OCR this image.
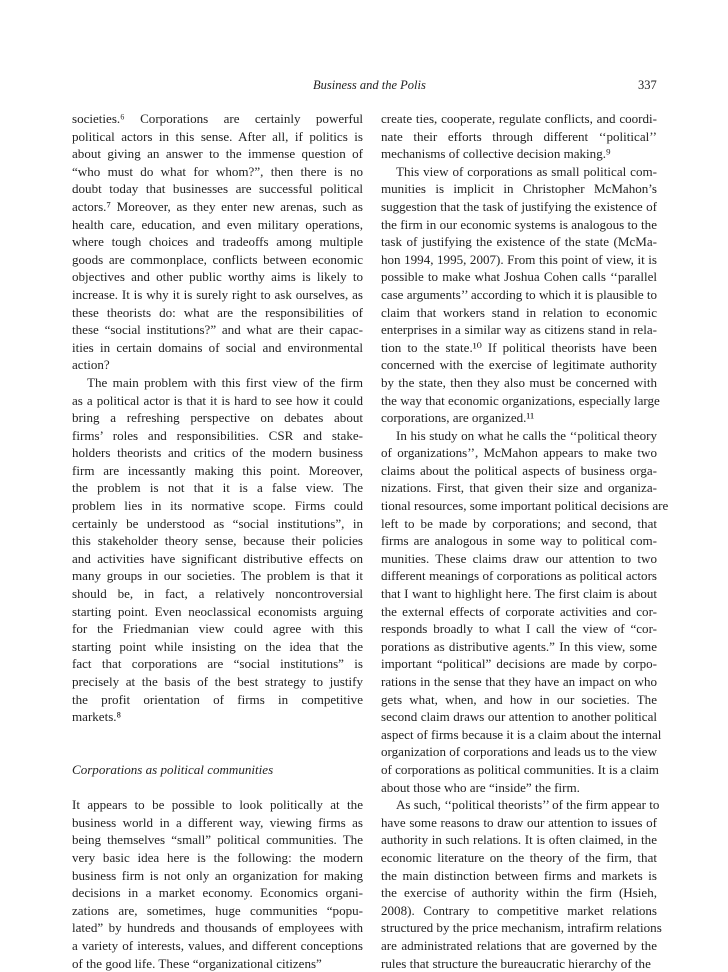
Business and the Polis	337
societies.⁶ Corporations are certainly powerful
political actors in this sense. After all, if politics is
about giving an answer to the immense question of
“who must do what for whom?”, then there is no
doubt today that businesses are successful political
actors.⁷ Moreover, as they enter new arenas, such as
health care, education, and even military operations,
where tough choices and tradeoffs among multiple
goods are commonplace, conflicts between economic
objectives and other public worthy aims is likely to
increase. It is why it is surely right to ask ourselves, as
these theorists do: what are the responsibilities of
these “social institutions?” and what are their capac-
ities in certain domains of social and environmental
action?
The main problem with this first view of the firm
as a political actor is that it is hard to see how it could
bring a refreshing perspective on debates about
firms’ roles and responsibilities. CSR and stake-
holders theorists and critics of the modern business
firm are incessantly making this point. Moreover,
the problem is not that it is a false view. The
problem lies in its normative scope. Firms could
certainly be understood as “social institutions”, in
this stakeholder theory sense, because their policies
and activities have significant distributive effects on
many groups in our societies. The problem is that it
should be, in fact, a relatively noncontroversial
starting point. Even neoclassical economists arguing
for the Friedmanian view could agree with this
starting point while insisting on the idea that the
fact that corporations are “social institutions” is
precisely at the basis of the best strategy to justify
the profit orientation of firms in competitive
markets.⁸
Corporations as political communities
It appears to be possible to look politically at the
business world in a different way, viewing firms as
being themselves “small” political communities. The
very basic idea here is the following: the modern
business firm is not only an organization for making
decisions in a market economy. Economics organi-
zations are, sometimes, huge communities “popu-
lated” by hundreds and thousands of employees with
a variety of interests, values, and different conceptions
of the good life. These “organizational citizens”
create ties, cooperate, regulate conflicts, and coordi-
nate their efforts through different ‘‘political’’
mechanisms of collective decision making.⁹
This view of corporations as small political com-
munities is implicit in Christopher McMahon’s
suggestion that the task of justifying the existence of
the firm in our economic systems is analogous to the
task of justifying the existence of the state (McMa-
hon 1994, 1995, 2007). From this point of view, it is
possible to make what Joshua Cohen calls ‘‘parallel
case arguments’’ according to which it is plausible to
claim that workers stand in relation to economic
enterprises in a similar way as citizens stand in rela-
tion to the state.¹⁰ If political theorists have been
concerned with the exercise of legitimate authority
by the state, then they also must be concerned with
the way that economic organizations, especially large
corporations, are organized.¹¹
In his study on what he calls the ‘‘political theory
of organizations’’, McMahon appears to make two
claims about the political aspects of business orga-
nizations. First, that given their size and organiza-
tional resources, some important political decisions are
left to be made by corporations; and second, that
firms are analogous in some way to political com-
munities. These claims draw our attention to two
different meanings of corporations as political actors
that I want to highlight here. The first claim is about
the external effects of corporate activities and cor-
responds broadly to what I call the view of “cor-
porations as distributive agents.” In this view, some
important “political” decisions are made by corpo-
rations in the sense that they have an impact on who
gets what, when, and how in our societies. The
second claim draws our attention to another political
aspect of firms because it is a claim about the internal
organization of corporations and leads us to the view
of corporations as political communities. It is a claim
about those who are “inside” the firm.
As such, ‘‘political theorists’’ of the firm appear to
have some reasons to draw our attention to issues of
authority in such relations. It is often claimed, in the
economic literature on the theory of the firm, that
the main distinction between firms and markets is
the exercise of authority within the firm (Hsieh,
2008). Contrary to competitive market relations
structured by the price mechanism, intrafirm relations
are administrated relations that are governed by the
rules that structure the bureaucratic hierarchy of the
